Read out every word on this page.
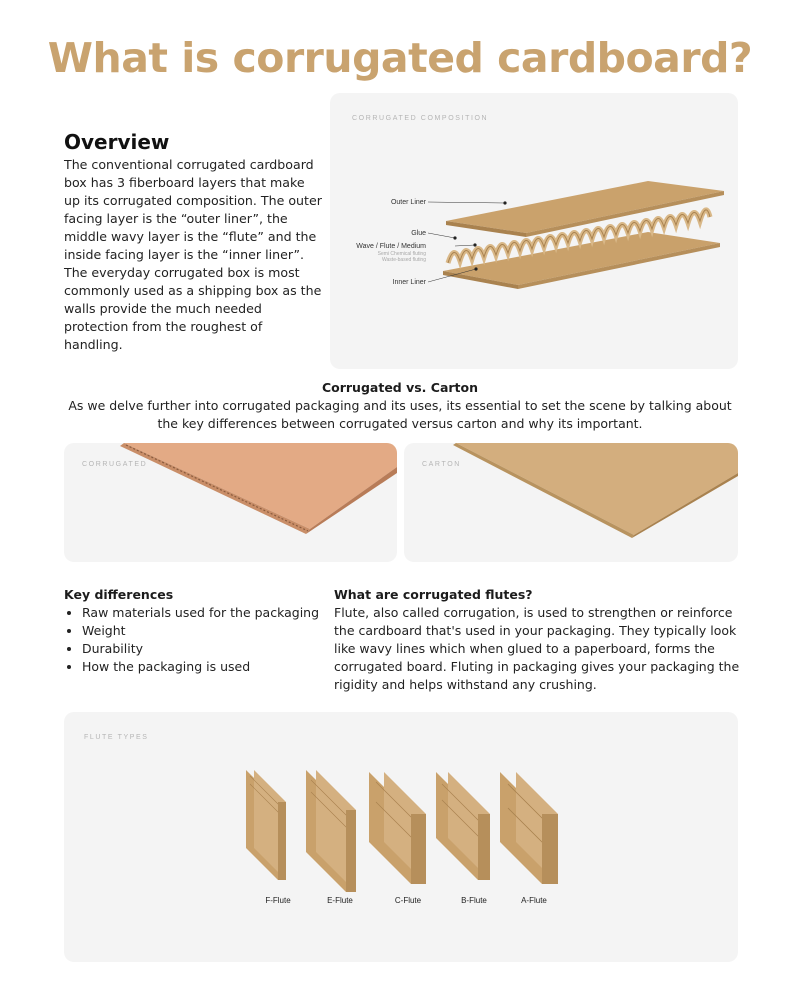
What is corrugated cardboard?
Overview

The conventional corrugated cardboard box has 3 fiberboard layers that make up its corrugated composition. The outer facing layer is the “outer liner”, the middle wavy layer is the “flute” and the inside facing layer is the “inner liner”.

The everyday corrugated box is most commonly used as a shipping box as the walls provide the much needed protection from the roughest of handling.

CORRUGATED COMPOSITION
Outer Liner
Glue
Wave / Flute / Medium
Semi Chemical fluting
Waste-based fluting
Inner Liner
Corrugated vs. Carton

As we delve further into corrugated packaging and its uses, its essential to set the scene by talking about the key differences between corrugated versus carton and why its important.

CORRUGATED	CARTON
Key differences
• Raw materials used for the packaging
• Weight
• Durability
• How the packaging is used
What are corrugated flutes?

Flute, also called corrugation, is used to strengthen or reinforce the cardboard that's used in your packaging. They typically look like wavy lines which when glued to a paperboard, forms the corrugated board. Fluting in packaging gives your packaging the rigidity and helps withstand any crushing.

FLUTE TYPES
F-Flute	E-Flute	C-Flute	B-Flute	A-Flute
